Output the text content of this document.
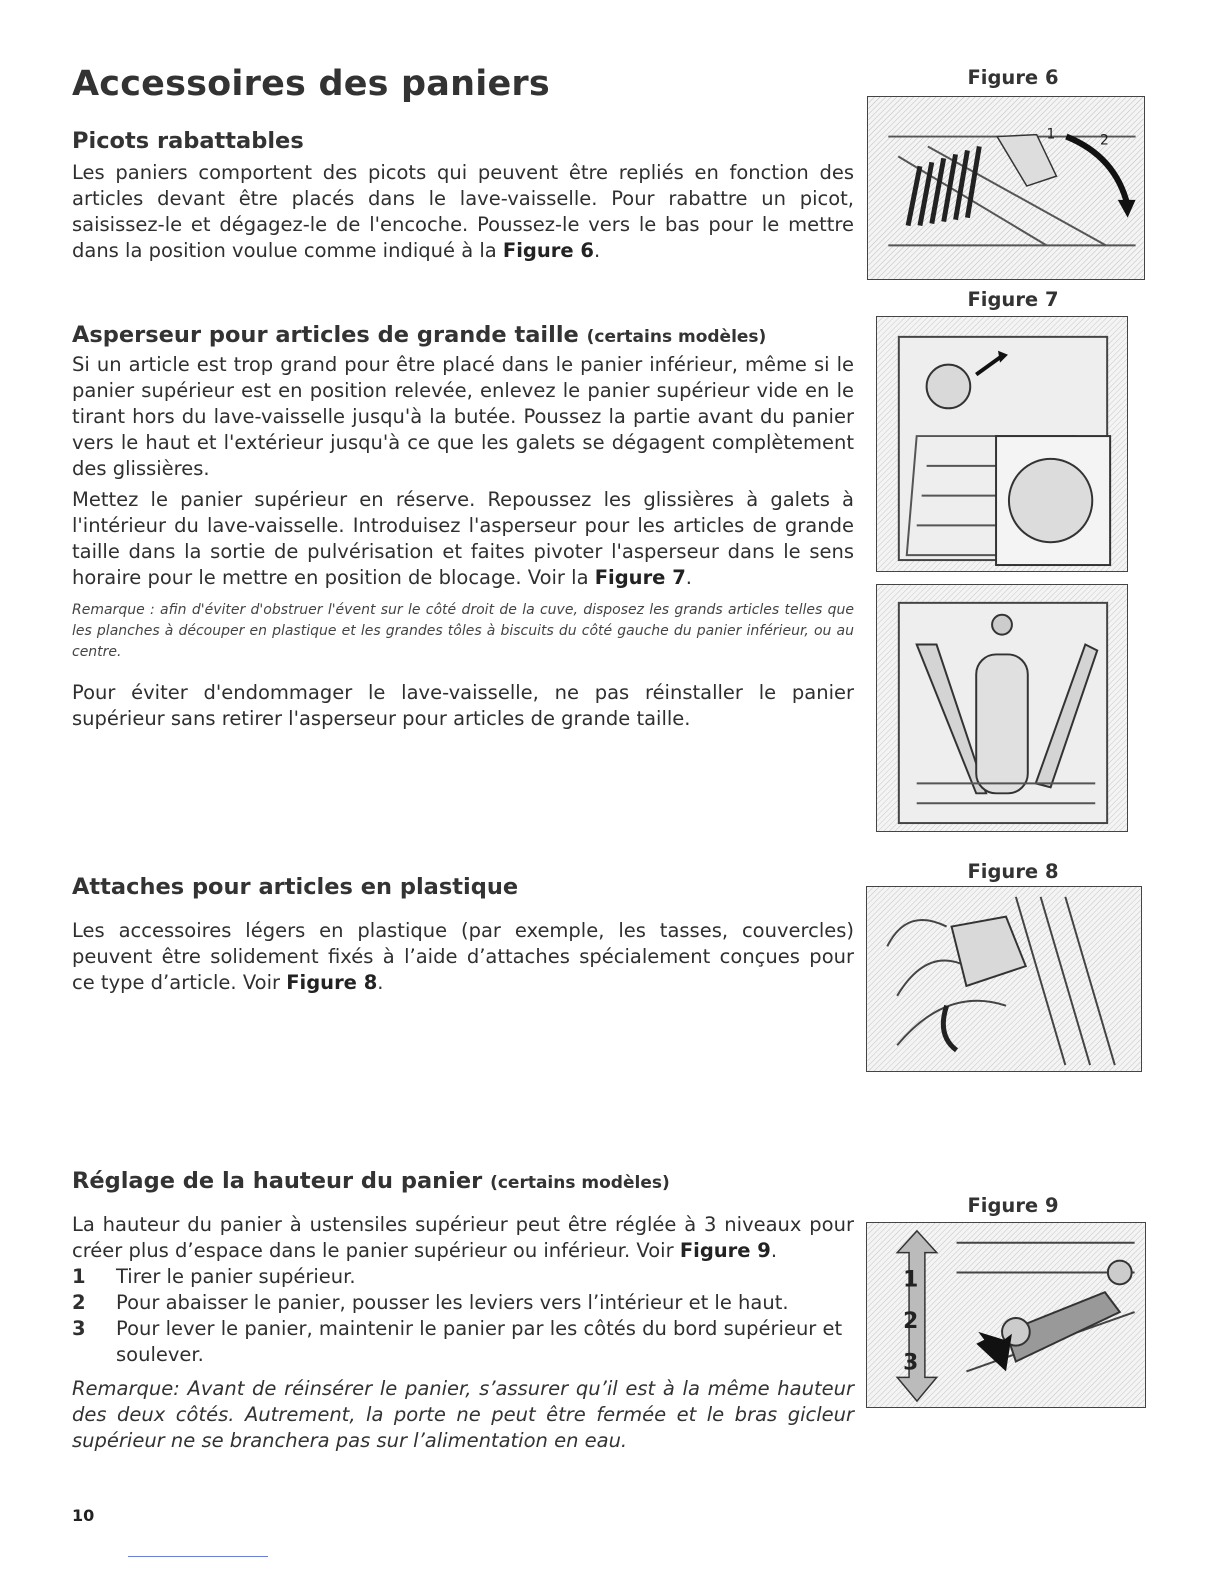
Accessoires des paniers
Picots rabattables

Les paniers comportent des picots qui peuvent être repliés en fonction des articles devant être placés dans le lave-vaisselle. Pour rabattre un picot, saisissez-le et dégagez-le de l'encoche. Poussez-le vers le bas pour le mettre dans la position voulue comme indiqué à la Figure 6.

Asperseur pour articles de grande taille (certains modèles)

Si un article est trop grand pour être placé dans le panier inférieur, même si le panier supérieur est en position relevée, enlevez le panier supérieur vide en le tirant hors du lave-vaisselle jusqu'à la butée. Poussez la partie avant du panier vers le haut et l'extérieur jusqu'à ce que les galets se dégagent complètement des glissières.

Mettez le panier supérieur en réserve. Repoussez les glissières à galets à l'intérieur du lave-vaisselle. Introduisez l'asperseur pour les articles de grande taille dans la sortie de pulvérisation et faites pivoter l'asperseur dans le sens horaire pour le mettre en position de blocage. Voir la Figure 7.

Remarque : afin d'éviter d'obstruer l'évent sur le côté droit de la cuve, disposez les grands articles telles que les planches à découper en plastique et les grandes tôles à biscuits du côté gauche du panier inférieur, ou au centre.

Pour éviter d'endommager le lave-vaisselle, ne pas réinstaller le panier supérieur sans retirer l'asperseur pour articles de grande taille.

Attaches pour articles en plastique

Les accessoires légers en plastique (par exemple, les tasses, couvercles) peuvent être solidement fixés à l’aide d’attaches spécialement conçues pour ce type d’article. Voir Figure 8.

Réglage de la hauteur du panier (certains modèles)

La hauteur du panier à ustensiles supérieur peut être réglée à 3 niveaux pour créer plus d’espace dans le panier supérieur ou inférieur. Voir Figure 9.

1 Tirer le panier supérieur.
2 Pour abaisser le panier, pousser les leviers vers l’intérieur et le haut.
3 Pour lever le panier, maintenir le panier par les côtés du bord supérieur et soulever.

Remarque: Avant de réinsérer le panier, s’assurer qu’il est à la même hauteur des deux côtés. Autrement, la porte ne peut être fermée et le bras gicleur supérieur ne se branchera pas sur l’alimentation en eau.

Figure 6
1	2
Figure 7
Figure 8
Figure 9
1
2
3
10
